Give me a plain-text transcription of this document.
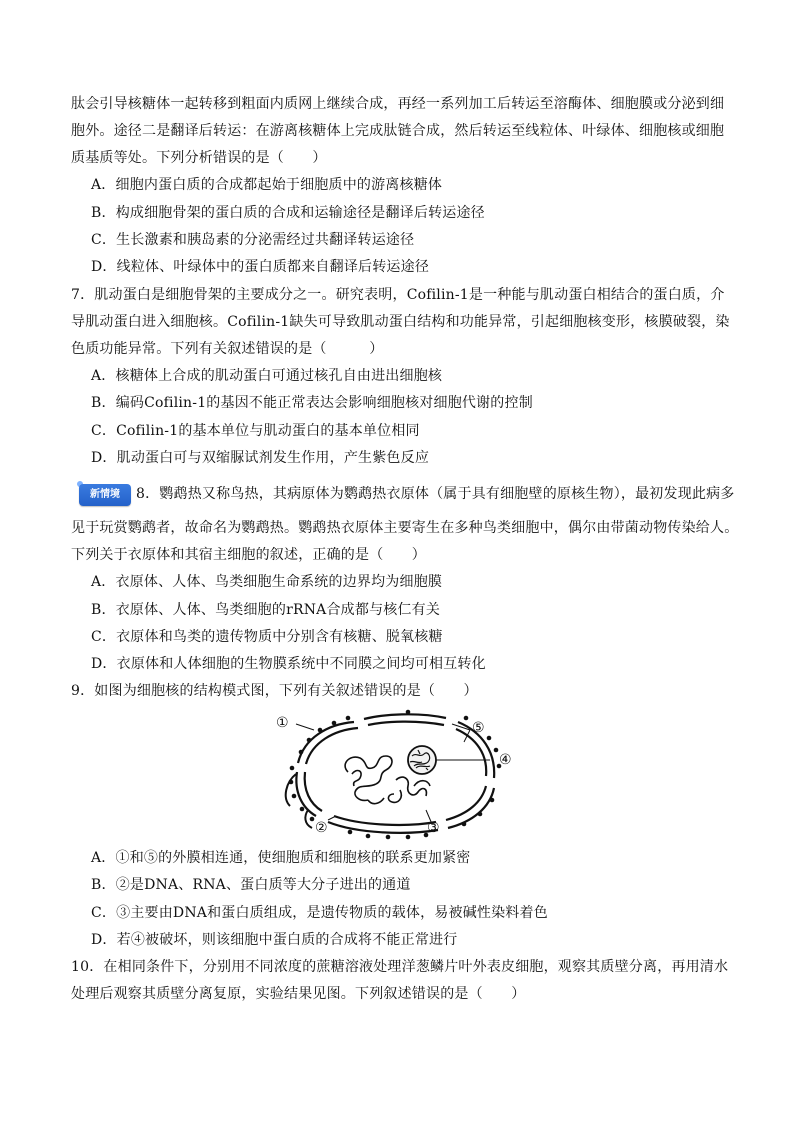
肽会引导核糖体一起转移到粗面内质网上继续合成，再经一系列加工后转运至溶酶体、细胞膜或分泌到细
胞外。途径二是翻译后转运：在游离核糖体上完成肽链合成，然后转运至线粒体、叶绿体、细胞核或细胞
质基质等处。下列分析错误的是（　　）
A．细胞内蛋白质的合成都起始于细胞质中的游离核糖体
B．构成细胞骨架的蛋白质的合成和运输途径是翻译后转运途径
C．生长激素和胰岛素的分泌需经过共翻译转运途径
D．线粒体、叶绿体中的蛋白质都来自翻译后转运途径
7．肌动蛋白是细胞骨架的主要成分之一。研究表明，Cofilin-1是一种能与肌动蛋白相结合的蛋白质，介
导肌动蛋白进入细胞核。Cofilin-1缺失可导致肌动蛋白结构和功能异常，引起细胞核变形，核膜破裂，染
色质功能异常。下列有关叙述错误的是（　　　）
A．核糖体上合成的肌动蛋白可通过核孔自由进出细胞核
B．编码Cofilin-1的基因不能正常表达会影响细胞核对细胞代谢的控制
C．Cofilin-1的基本单位与肌动蛋白的基本单位相同
D．肌动蛋白可与双缩脲试剂发生作用，产生紫色反应
新情境	8．鹦鹉热又称鸟热，其病原体为鹦鹉热衣原体（属于具有细胞壁的原核生物），最初发现此病多
见于玩赏鹦鹉者，故命名为鹦鹉热。鹦鹉热衣原体主要寄生在多种鸟类细胞中，偶尔由带菌动物传染给人。
下列关于衣原体和其宿主细胞的叙述，正确的是（　　）
A．衣原体、人体、鸟类细胞生命系统的边界均为细胞膜
B．衣原体、人体、鸟类细胞的rRNA合成都与核仁有关
C．衣原体和鸟类的遗传物质中分别含有核糖、脱氧核糖
D．衣原体和人体细胞的生物膜系统中不同膜之间均可相互转化
9．如图为细胞核的结构模式图，下列有关叙述错误的是（　　）
①
②	③
④
⑤
A．①和⑤的外膜相连通，使细胞质和细胞核的联系更加紧密
B．②是DNA、RNA、蛋白质等大分子进出的通道
C．③主要由DNA和蛋白质组成，是遗传物质的载体，易被碱性染料着色
D．若④被破坏，则该细胞中蛋白质的合成将不能正常进行
10．在相同条件下，分别用不同浓度的蔗糖溶液处理洋葱鳞片叶外表皮细胞，观察其质壁分离，再用清水
处理后观察其质壁分离复原，实验结果见图。下列叙述错误的是（　　）
